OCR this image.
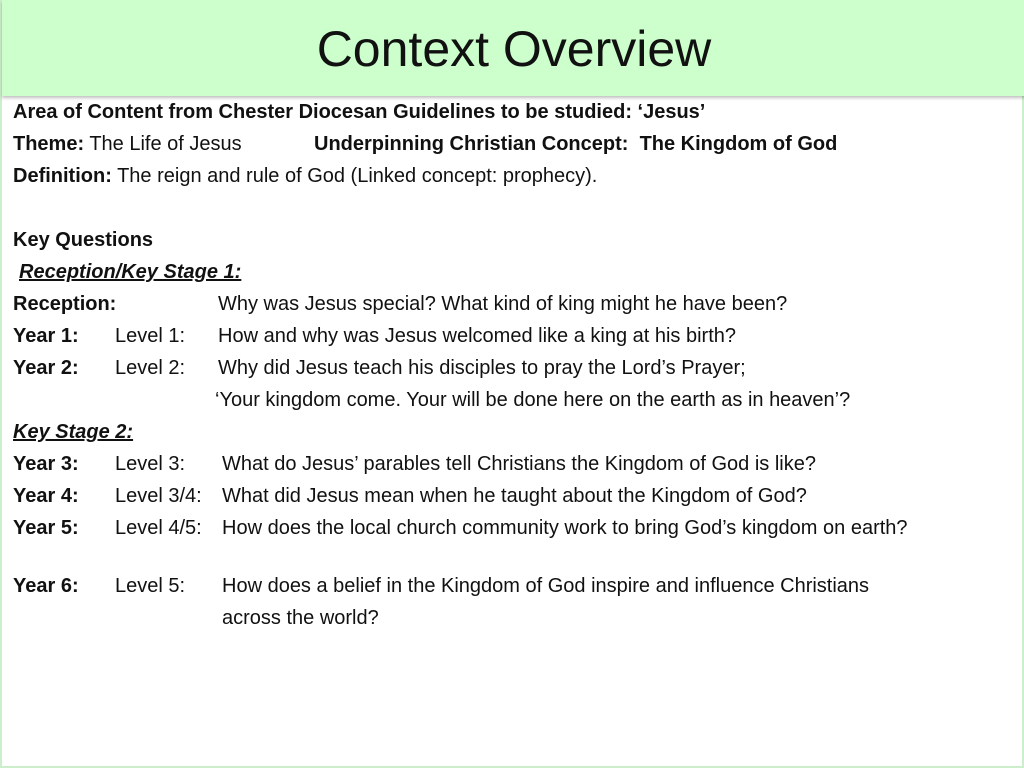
Context Overview
Area of Content from Chester Diocesan Guidelines to be studied: ‘Jesus’
Theme: The Life of Jesus	Underpinning Christian Concept: The Kingdom of God
Definition: The reign and rule of God (Linked concept: prophecy).
Key Questions
Reception/Key Stage 1:
Reception:	Why was Jesus special? What kind of king might he have been?
Year 1: Level 1: How and why was Jesus welcomed like a king at his birth?
Year 2: Level 2: Why did Jesus teach his disciples to pray the Lord’s Prayer;
‘Your kingdom come. Your will be done here on the earth as in heaven’?
Key Stage 2:
Year 3: Level 3: What do Jesus’ parables tell Christians the Kingdom of God is like?
Year 4: Level 3/4: What did Jesus mean when he taught about the Kingdom of God?
Year 5: Level 4/5: How does the local church community work to bring God’s kingdom on earth?
Year 6: Level 5: How does a belief in the Kingdom of God inspire and influence Christians
across the world?
